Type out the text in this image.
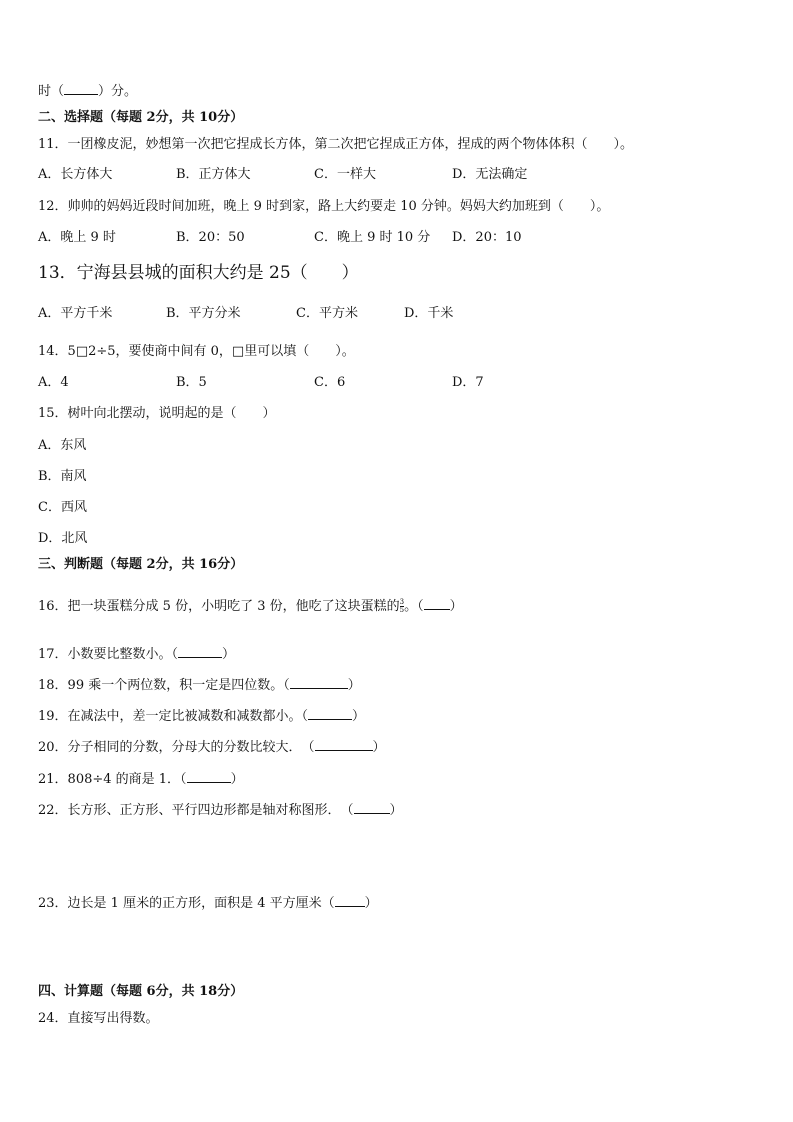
时（	）分。
二、选择题（每题 2分，共 10分）
11．一团橡皮泥，妙想第一次把它捏成长方体，第二次把它捏成正方体，捏成的两个物体体积（　　）。
A．长方体大	B．正方体大	C．一样大	D．无法确定
12．帅帅的妈妈近段时间加班，晚上 9 时到家，路上大约要走 10 分钟。妈妈大约加班到（　　）。
A．晚上 9 时	B．20：50	C．晚上 9 时 10 分 D．20：10
13．宁海县县城的面积大约是 25（　　）
A．平方千米	B．平方分米	C．平方米	D．千米
14．5□2÷5，要使商中间有 0，□里可以填（　　）。
A．4	B．5	C．6	D．7
15．树叶向北摆动，说明起的是（　　）
A．东风
B．南风
C．西风
D．北风
三、判断题（每题 2分，共 16分）
16．把一块蛋糕分成 5 份，小明吃了 3 份，他吃了这块蛋糕的 $\frac{3}{5}$ 。（ ）
17．小数要比整数小。（	）
18．99 乘一个两位数，积一定是四位数。（	）
19．在减法中，差一定比被减数和减数都小。（	）
20．分子相同的分数，分母大的分数比较大．　（	）
21．808÷4 的商是 1．（	）
22．长方形、正方形、平行四边形都是轴对称图形．　（	）
23．边长是 1 厘米的正方形，面积是 4 平方厘米（ ）
四、计算题（每题 6分，共 18分）
24．直接写出得数。
